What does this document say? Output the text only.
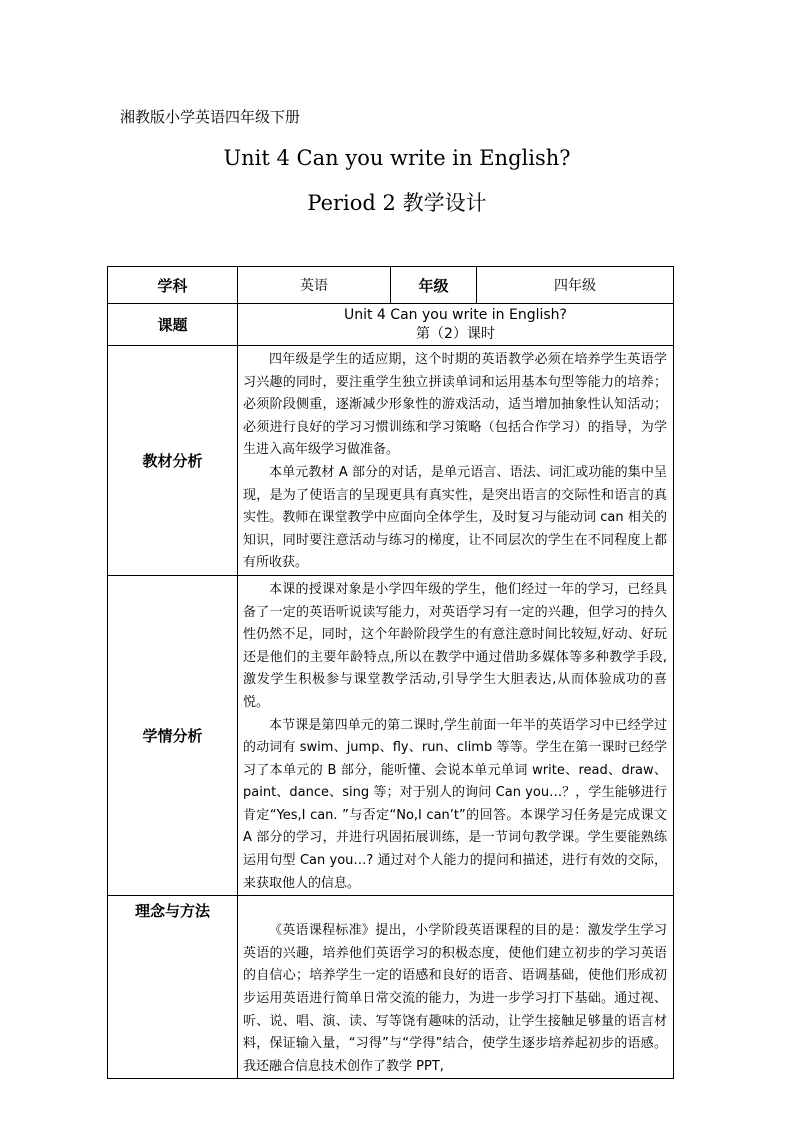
湘教版小学英语四年级下册
Unit 4 Can you write in English?
Period 2 教学设计
学科	英语	年级	四年级
课题	Unit 4 Can you write in English?
第（2）课时		

教材分析	四年级是学生的适应期，这个时期的英语教学必须在培养学生英语学习兴趣的同时，要注重学生独立拼读单词和运用基本句型等能力的培养；必须阶段侧重，逐渐减少形象性的游戏活动，适当增加抽象性认知活动；必须进行良好的学习习惯训练和学习策略（包括合作学习）的指导，为学生进入高年级学习做准备。

本单元教材 A 部分的对话，是单元语言、语法、词汇或功能的集中呈现，是为了使语言的呈现更具有真实性，是突出语言的交际性和语言的真实性。教师在课堂教学中应面向全体学生，及时复习与能动词 can 相关的知识，同时要注意活动与练习的梯度，让不同层次的学生在不同程度上都有所收获。		

学情分析	本课的授课对象是小学四年级的学生，他们经过一年的学习，已经具备了一定的英语听说读写能力，对英语学习有一定的兴趣，但学习的持久性仍然不足，同时，这个年龄阶段学生的有意注意时间比较短,好动、好玩还是他们的主要年龄特点,所以在教学中通过借助多媒体等多种教学手段,激发学生积极参与课堂教学活动,引导学生大胆表达,从而体验成功的喜悦。

本节课是第四单元的第二课时,学生前面一年半的英语学习中已经学过的动词有 swim、jump、fly、run、climb 等等。学生在第一课时已经学习了本单元的 B 部分，能听懂、会说本单元单词 write、read、draw、paint、dance、sing 等；对于别人的询问 Can you…？，学生能够进行肯定“Yes,I can. ”与否定“No,I can’t”的回答。本课学习任务是完成课文 A 部分的学习，并进行巩固拓展训练，是一节词句教学课。学生要能熟练运用句型 Can you…? 通过对个人能力的提问和描述，进行有效的交际，来获取他人的信息。		

理念与方法	《英语课程标准》提出，小学阶段英语课程的目的是：激发学生学习英语的兴趣，培养他们英语学习的积极态度，使他们建立初步的学习英语的自信心；培养学生一定的语感和良好的语音、语调基础，使他们形成初步运用英语进行简单日常交流的能力，为进一步学习打下基础。通过视、听、说、唱、演、读、写等饶有趣味的活动，让学生接触足够量的语言材料，保证输入量，“习得”与“学得”结合，使学生逐步培养起初步的语感。我还融合信息技术创作了教学 PPT,		
